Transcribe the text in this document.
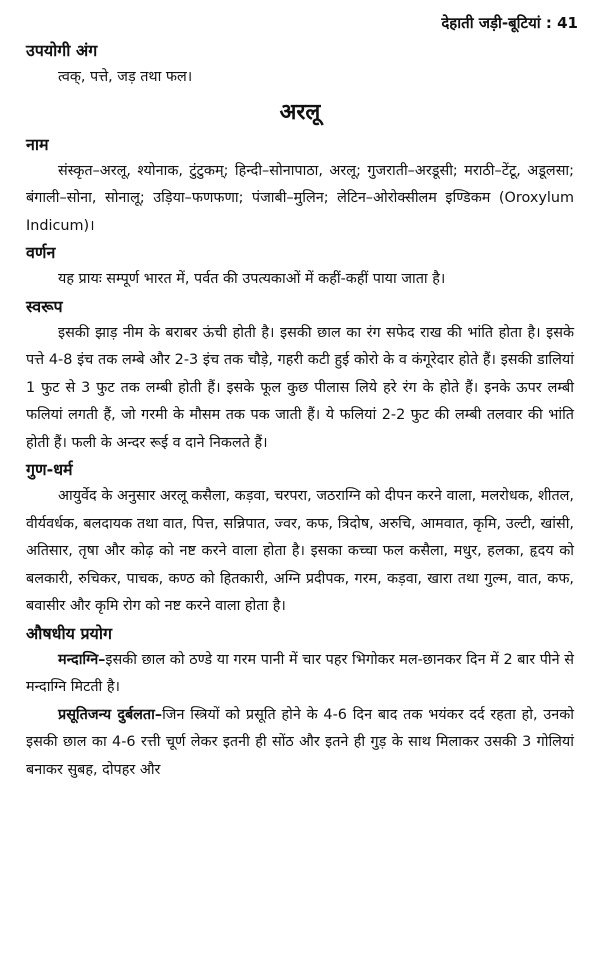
देहाती जड़ी-बूटियां : 41

उपयोगी अंग

त्वक्, पत्ते, जड़ तथा फल।

अरलू

नाम

संस्कृत–अरलू, श्योनाक, टुंटुकम्; हिन्दी–सोनापाठा, अरलू; गुजराती–अरडूसी; मराठी–टेंटू, अडूलसा; बंगाली–सोना, सोनालू; उड़िया–फणफणा; पंजाबी–मुलिन; लेटिन–ओरोक्सीलम इण्डिकम (Oroxylum Indicum)।

वर्णन

यह प्रायः सम्पूर्ण भारत में, पर्वत की उपत्यकाओं में कहीं-कहीं पाया जाता है।

स्वरूप

इसकी झाड़ नीम के बराबर ऊंची होती है। इसकी छाल का रंग सफेद राख की भांति होता है। इसके पत्ते 4-8 इंच तक लम्बे और 2-3 इंच तक चौड़े, गहरी कटी हुई कोरो के व कंगूरेदार होते हैं। इसकी डालियां 1 फुट से 3 फुट तक लम्बी होती हैं। इसके फूल कुछ पीलास लिये हरे रंग के होते हैं। इनके ऊपर लम्बी फलियां लगती हैं, जो गरमी के मौसम तक पक जाती हैं। ये फलियां 2-2 फुट की लम्बी तलवार की भांति होती हैं। फली के अन्दर रूई व दाने निकलते हैं।

गुण-धर्म

आयुर्वेद के अनुसार अरलू कसैला, कड़वा, चरपरा, जठराग्नि को दीपन करने वाला, मलरोधक, शीतल, वीर्यवर्धक, बलदायक तथा वात, पित्त, सन्निपात, ज्वर, कफ, त्रिदोष, अरुचि, आमवात, कृमि, उल्टी, खांसी, अतिसार, तृषा और कोढ़ को नष्ट करने वाला होता है। इसका कच्चा फल कसैला, मधुर, हलका, हृदय को बलकारी, रुचिकर, पाचक, कण्ठ को हितकारी, अग्नि प्रदीपक, गरम, कड़वा, खारा तथा गुल्म, वात, कफ, बवासीर और कृमि रोग को नष्ट करने वाला होता है।

औषधीय प्रयोग

मन्दाग्नि–इसकी छाल को ठण्डे या गरम पानी में चार पहर भिगोकर मल-छानकर दिन में 2 बार पीने से मन्दाग्नि मिटती है।

प्रसूतिजन्य दुर्बलता–जिन स्त्रियों को प्रसूति होने के 4-6 दिन बाद तक भयंकर दर्द रहता हो, उनको इसकी छाल का 4-6 रत्ती चूर्ण लेकर इतनी ही सोंठ और इतने ही गुड़ के साथ मिलाकर उसकी 3 गोलियां बनाकर सुबह, दोपहर और
